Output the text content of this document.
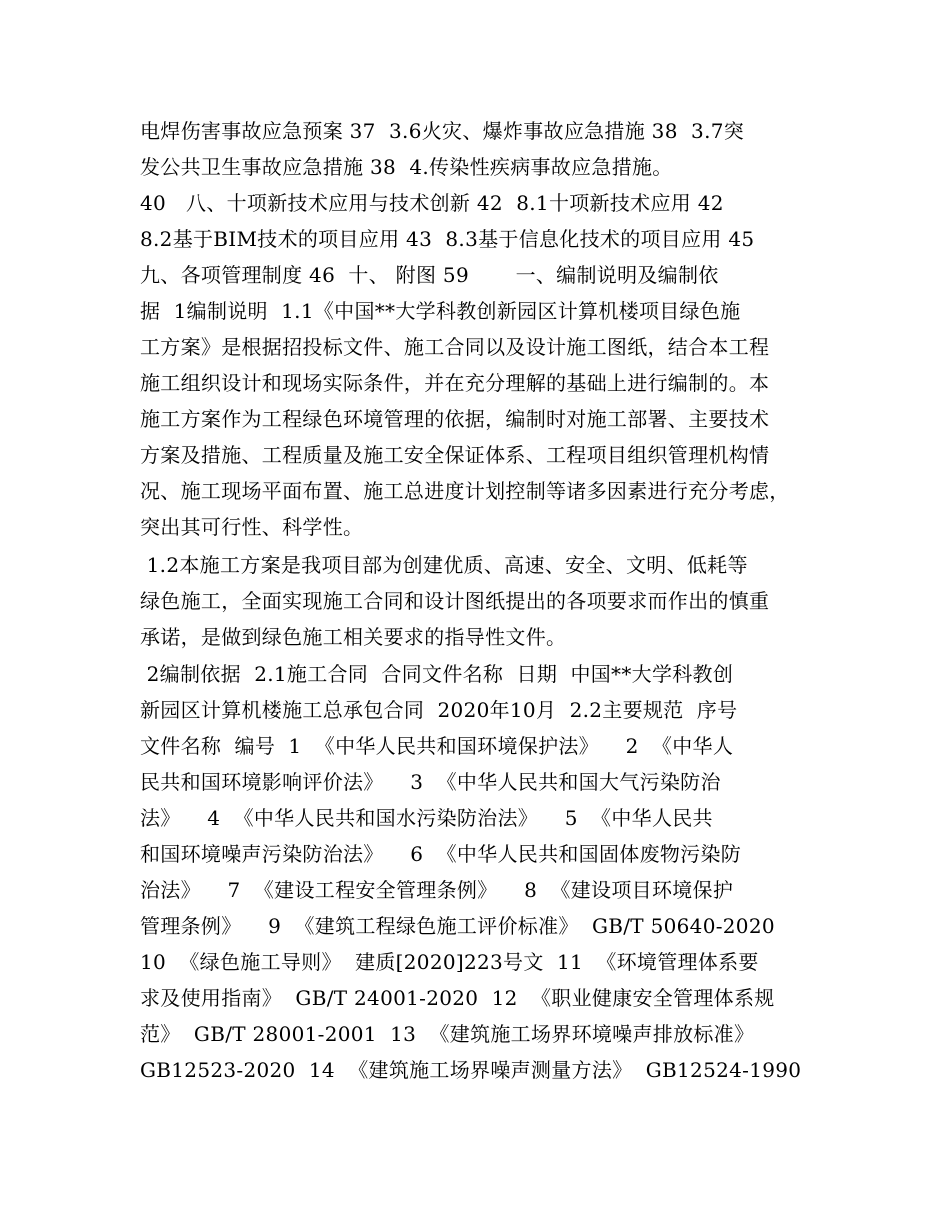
电焊伤害事故应急预案 37  3.6火灾、爆炸事故应急措施 38  3.7突

发公共卫生事故应急措施 38  4.传染性疾病事故应急措施。

40   八、十项新技术应用与技术创新 42  8.1十项新技术应用 42

8.2基于BIM技术的项目应用 43  8.3基于信息化技术的项目应用 45

九、各项管理制度 46  十、 附图 59       一、编制说明及编制依

据  1编制说明  1.1《中国**大学科教创新园区计算机楼项目绿色施

工方案》是根据招投标文件、施工合同以及设计施工图纸，结合本工程

施工组织设计和现场实际条件，并在充分理解的基础上进行编制的。本

施工方案作为工程绿色环境管理的依据，编制时对施工部署、主要技术

方案及措施、工程质量及施工安全保证体系、工程项目组织管理机构情

况、施工现场平面布置、施工总进度计划控制等诸多因素进行充分考虑，

突出其可行性、科学性。

1.2本施工方案是我项目部为创建优质、高速、安全、文明、低耗等

绿色施工，全面实现施工合同和设计图纸提出的各项要求而作出的慎重

承诺，是做到绿色施工相关要求的指导性文件。

2编制依据  2.1施工合同  合同文件名称  日期  中国**大学科教创

新园区计算机楼施工总承包合同  2020年10月  2.2主要规范  序号

文件名称  编号  1  《中华人民共和国环境保护法》    2  《中华人

民共和国环境影响评价法》    3  《中华人民共和国大气污染防治

法》    4  《中华人民共和国水污染防治法》    5  《中华人民共

和国环境噪声污染防治法》    6  《中华人民共和国固体废物污染防

治法》    7  《建设工程安全管理条例》    8  《建设项目环境保护

管理条例》    9  《建筑工程绿色施工评价标准》  GB/T 50640-2020

10  《绿色施工导则》  建质[2020]223号文  11  《环境管理体系要

求及使用指南》  GB/T 24001-2020  12  《职业健康安全管理体系规

范》  GB/T 28001-2001  13  《建筑施工场界环境噪声排放标准》

GB12523-2020  14  《建筑施工场界噪声测量方法》  GB12524-1990
